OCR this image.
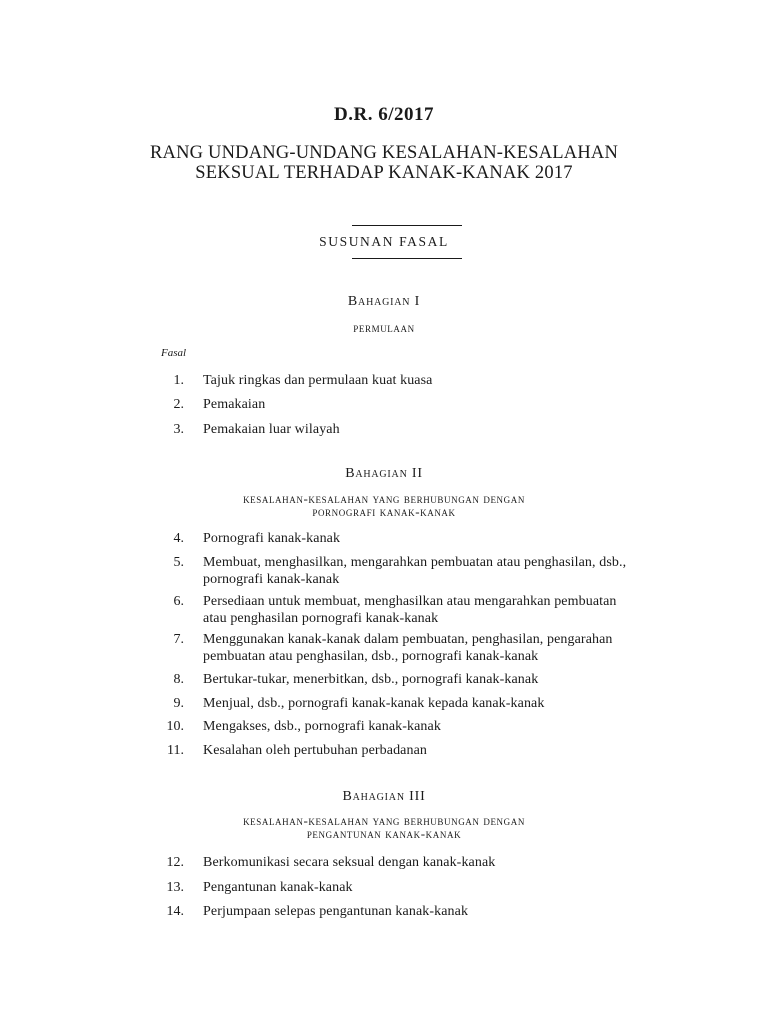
D.R. 6/2017
RANG UNDANG-UNDANG KESALAHAN-KESALAHAN
SEKSUAL TERHADAP KANAK-KANAK 2017
SUSUNAN FASAL
Bahagian I
permulaan
Fasal
1. Tajuk ringkas dan permulaan kuat kuasa
2. Pemakaian
3. Pemakaian luar wilayah
Bahagian II
kesalahan-kesalahan yang berhubungan dengan
pornografi kanak-kanak
4. Pornografi kanak-kanak
5. Membuat, menghasilkan, mengarahkan pembuatan atau penghasilan, dsb.,
pornografi kanak-kanak
6. Persediaan untuk membuat, menghasilkan atau mengarahkan pembuatan
atau penghasilan pornografi kanak-kanak
7. Menggunakan kanak-kanak dalam pembuatan, penghasilan, pengarahan
pembuatan atau penghasilan, dsb., pornografi kanak-kanak
8. Bertukar-tukar, menerbitkan, dsb., pornografi kanak-kanak
9. Menjual, dsb., pornografi kanak-kanak kepada kanak-kanak
10. Mengakses, dsb., pornografi kanak-kanak
11. Kesalahan oleh pertubuhan perbadanan
Bahagian III
kesalahan-kesalahan yang berhubungan dengan
pengantunan kanak-kanak
12. Berkomunikasi secara seksual dengan kanak-kanak
13. Pengantunan kanak-kanak
14. Perjumpaan selepas pengantunan kanak-kanak
